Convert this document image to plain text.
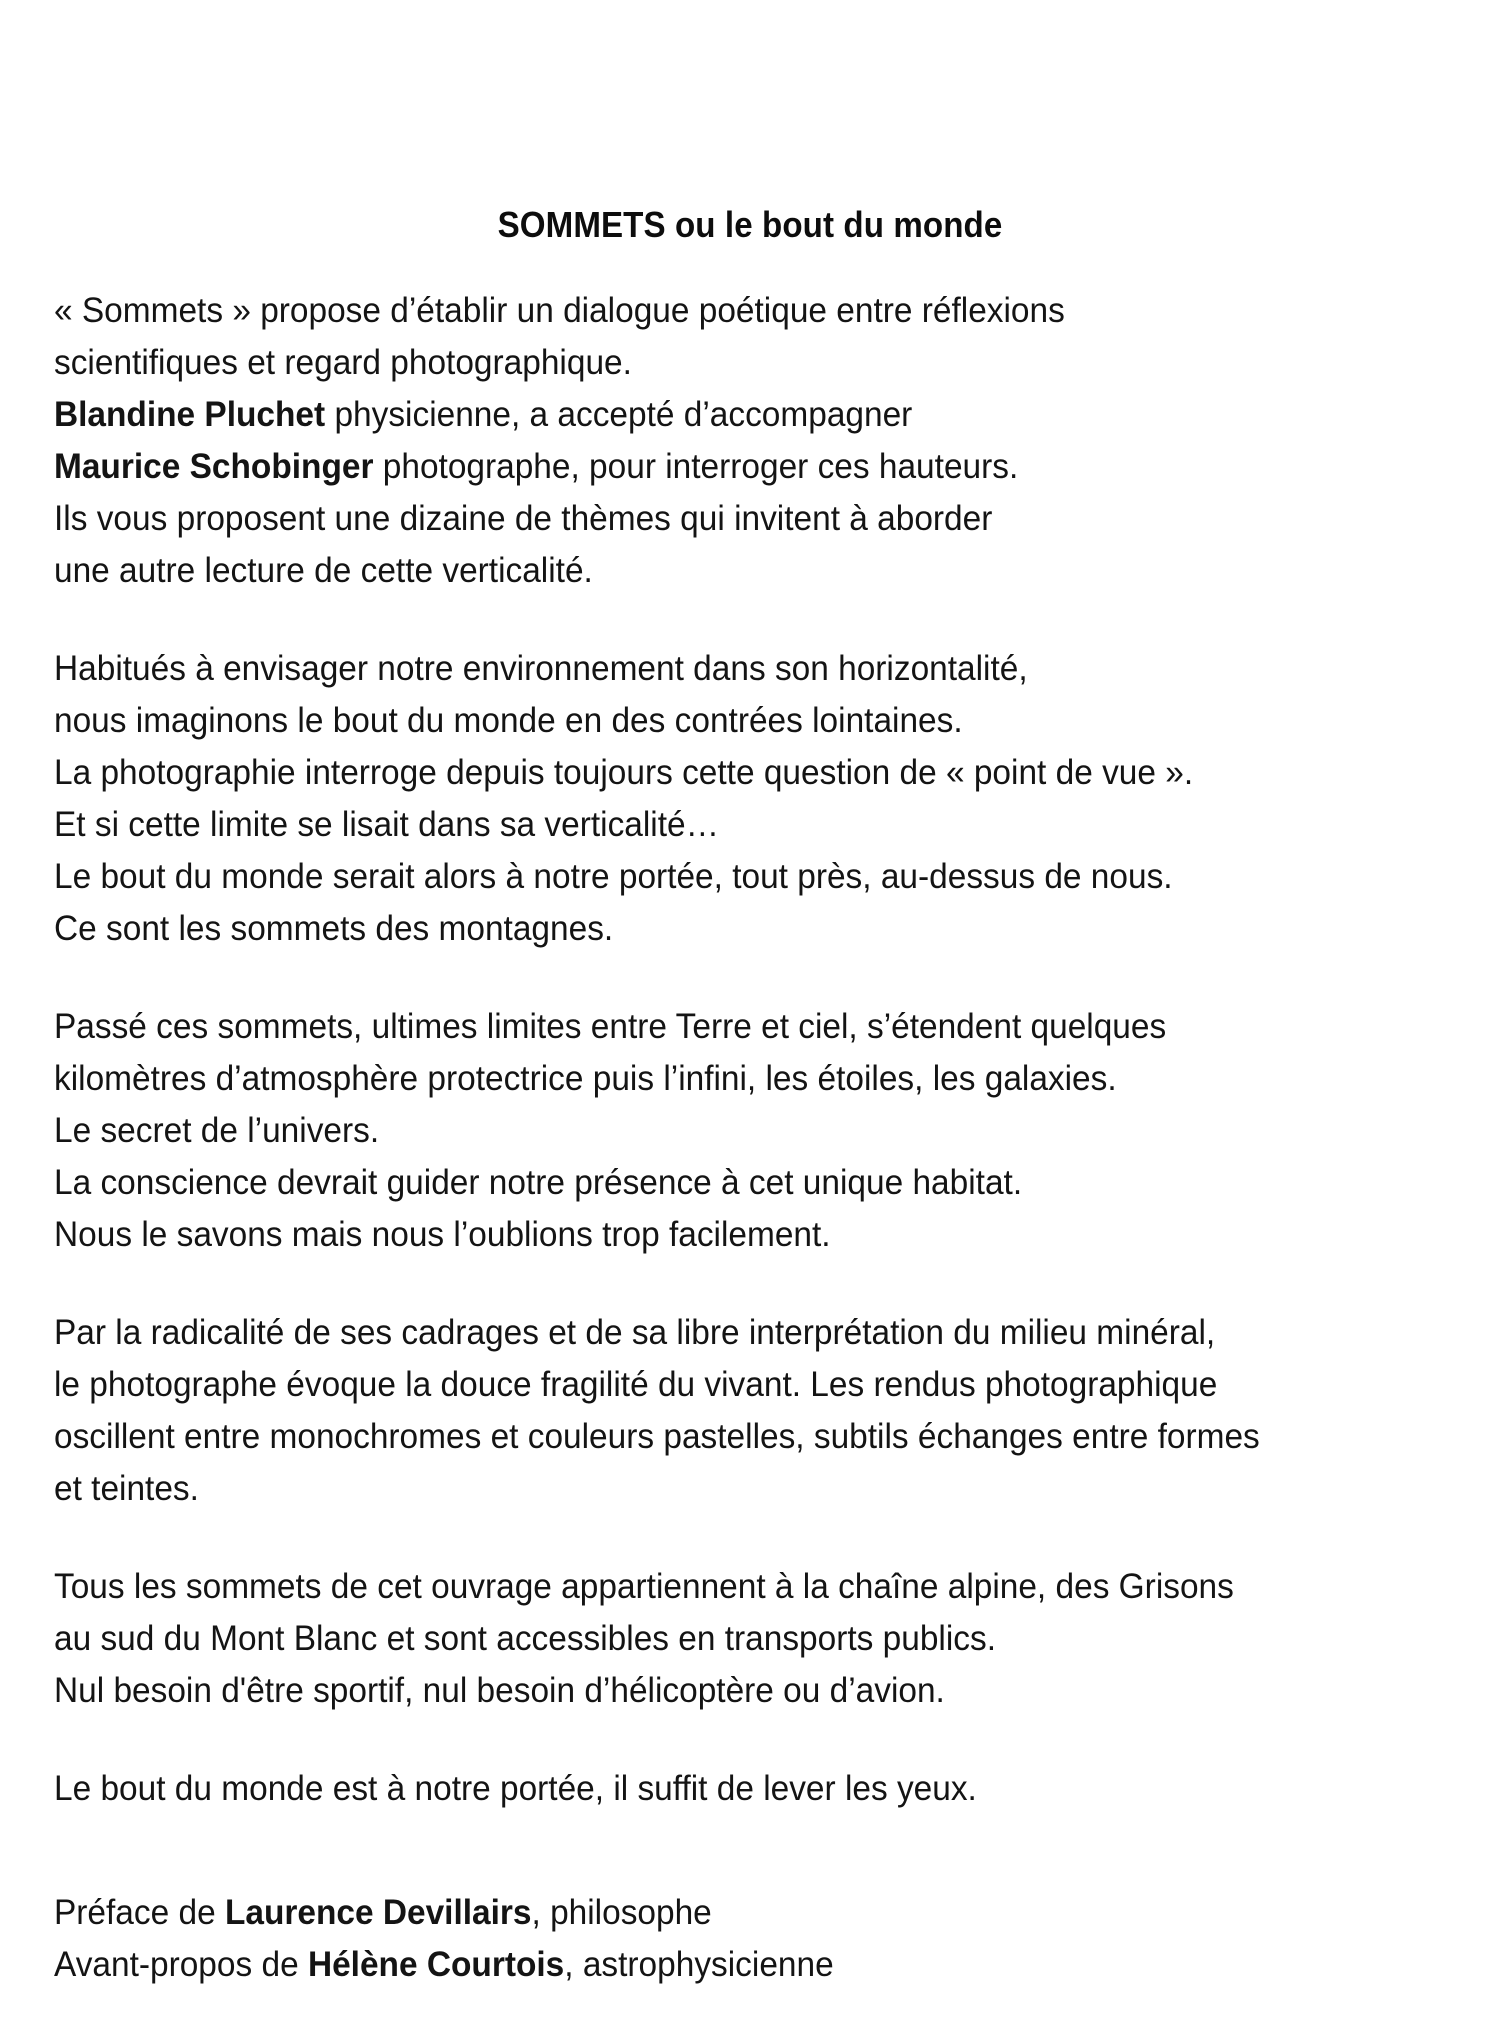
SOMMETS ou le bout du monde

« Sommets » propose d’établir un dialogue poétique entre réflexions
scientifiques et regard photographique.
Blandine Pluchet physicienne, a accepté d’accompagner
Maurice Schobinger photographe, pour interroger ces hauteurs.
Ils vous proposent une dizaine de thèmes qui invitent à aborder
une autre lecture de cette verticalité.

Habitués à envisager notre environnement dans son horizontalité,
nous imaginons le bout du monde en des contrées lointaines.
La photographie interroge depuis toujours cette question de « point de vue ».
Et si cette limite se lisait dans sa verticalité…
Le bout du monde serait alors à notre portée, tout près, au-dessus de nous.
Ce sont les sommets des montagnes.

Passé ces sommets, ultimes limites entre Terre et ciel, s’étendent quelques
kilomètres d’atmosphère protectrice puis l’infini, les étoiles, les galaxies.
Le secret de l’univers.
La conscience devrait guider notre présence à cet unique habitat.
Nous le savons mais nous l’oublions trop facilement.

Par la radicalité de ses cadrages et de sa libre interprétation du milieu minéral,
le photographe évoque la douce fragilité du vivant. Les rendus photographique
oscillent entre monochromes et couleurs pastelles, subtils échanges entre formes
et teintes.

Tous les sommets de cet ouvrage appartiennent à la chaîne alpine, des Grisons
au sud du Mont Blanc et sont accessibles en transports publics.
Nul besoin d'être sportif, nul besoin d’hélicoptère ou d’avion.

Le bout du monde est à notre portée, il suffit de lever les yeux.

Préface de Laurence Devillairs, philosophe
Avant-propos de Hélène Courtois, astrophysicienne
